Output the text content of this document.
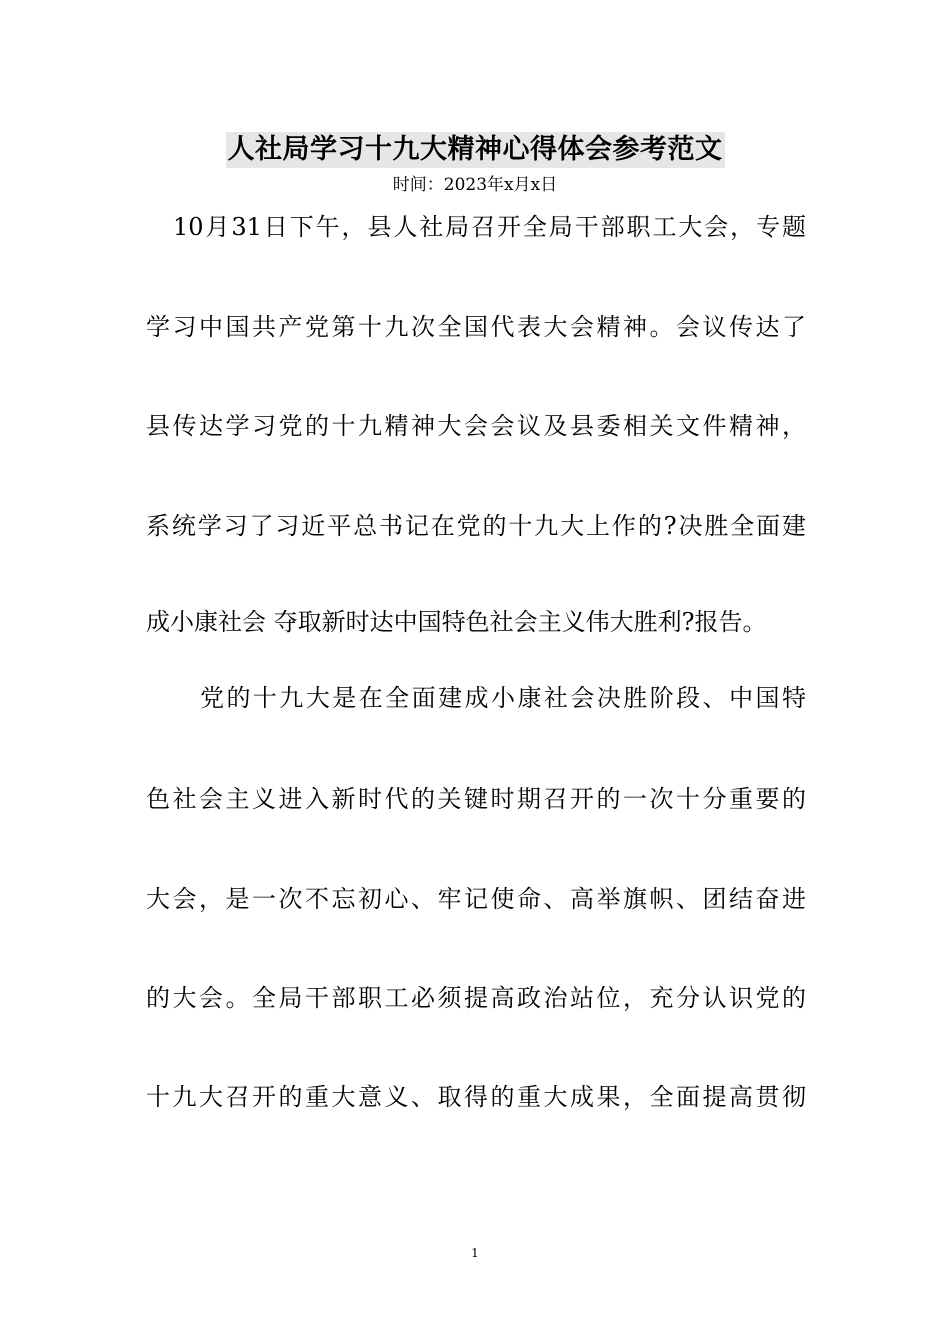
人社局学习十九大精神心得体会参考范文
时间：2023年x月x日
10月31日下午，县人社局召开全局干部职工大会，专题
学习中国共产党第十九次全国代表大会精神。会议传达了
县传达学习党的十九精神大会会议及县委相关文件精神，
系统学习了习近平总书记在党的十九大上作的?决胜全面建
成小康社会 夺取新时达中国特色社会主义伟大胜利?报告。
党的十九大是在全面建成小康社会决胜阶段、中国特
色社会主义进入新时代的关键时期召开的一次十分重要的
大会，是一次不忘初心、牢记使命、高举旗帜、团结奋进
的大会。全局干部职工必须提高政治站位，充分认识党的
十九大召开的重大意义、取得的重大成果，全面提高贯彻
1
